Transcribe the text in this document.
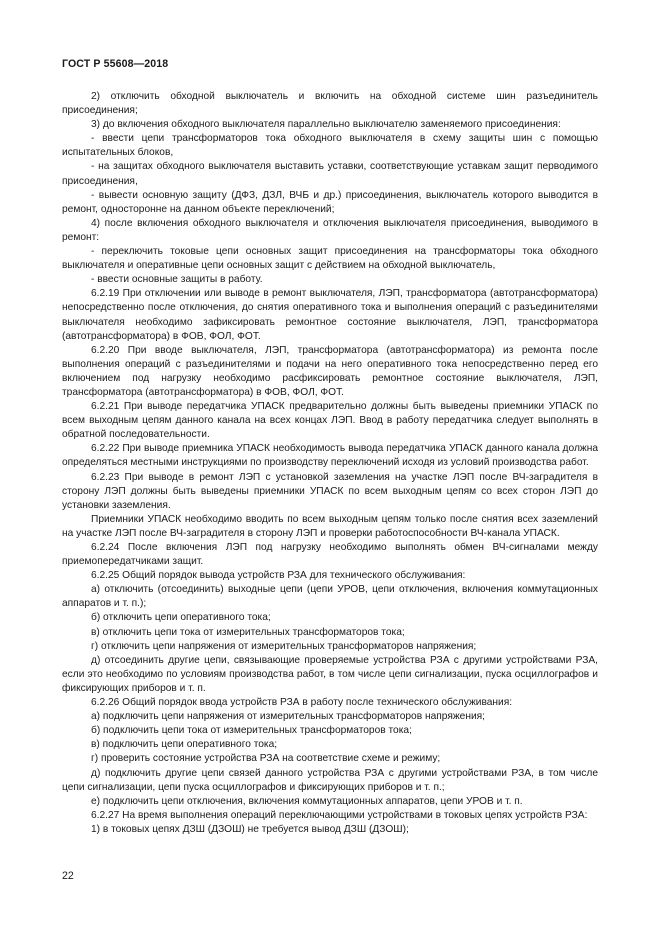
ГОСТ Р 55608—2018

2) отключить обходной выключатель и включить на обходной системе шин разъединитель присоединения;

3) до включения обходного выключателя параллельно выключателю заменяемого присоединения:

- ввести цепи трансформаторов тока обходного выключателя в схему защиты шин с помощью испытательных блоков,

- на защитах обходного выключателя выставить уставки, соответствующие уставкам защит перводимого присоединения,

- вывести основную защиту (ДФЗ, ДЗЛ, ВЧБ и др.) присоединения, выключатель которого выводится в ремонт, одностороннe на данном объекте переключений;

4) после включения обходного выключателя и отключения выключателя присоединения, выводимого в ремонт:

- переключить токовые цепи основных защит присоединения на трансформаторы тока обходного выключателя и оперативные цепи основных защит с действием на обходной выключатель,

- ввести основные защиты в работу.

6.2.19 При отключении или выводе в ремонт выключателя, ЛЭП, трансформатора (автотрансформатора) непосредственно после отключения, до снятия оперативного тока и выполнения операций с разъединителями выключателя необходимо зафиксировать ремонтное состояние выключателя, ЛЭП, трансформатора (автотрансформатора) в ФОВ, ФОЛ, ФОТ.

6.2.20 При вводе выключателя, ЛЭП, трансформатора (автотрансформатора) из ремонта после выполнения операций с разъединителями и подачи на него оперативного тока непосредственно перед его включением под нагрузку необходимо расфиксировать ремонтное состояние выключателя, ЛЭП, трансформатора (автотрансформатора) в ФОВ, ФОЛ, ФОТ.

6.2.21 При выводе передатчика УПАСК предварительно должны быть выведены приемники УПАСК по всем выходным цепям данного канала на всех концах ЛЭП. Ввод в работу передатчика следует выполнять в обратной последовательности.

6.2.22 При выводе приемника УПАСК необходимость вывода передатчика УПАСК данного канала должна определяться местными инструкциями по производству переключений исходя из условий производства работ.

6.2.23 При выводе в ремонт ЛЭП с установкой заземления на участке ЛЭП после ВЧ-заградителя в сторону ЛЭП должны быть выведены приемники УПАСК по всем выходным цепям со всех сторон ЛЭП до установки заземления.

Приемники УПАСК необходимо вводить по всем выходным цепям только после снятия всех заземлений на участке ЛЭП после ВЧ-заградителя в сторону ЛЭП и проверки работоспособности ВЧ-канала УПАСК.

6.2.24 После включения ЛЭП под нагрузку необходимо выполнять обмен ВЧ-сигналами между приемопередатчиками защит.

6.2.25 Общий порядок вывода устройств РЗА для технического обслуживания:

а) отключить (отсоединить) выходные цепи (цепи УРОВ, цепи отключения, включения коммутационных аппаратов и т. п.);

б) отключить цепи оперативного тока;

в) отключить цепи тока от измерительных трансформаторов тока;

г) отключить цепи напряжения от измерительных трансформаторов напряжения;

д) отсоединить другие цепи, связывающие проверяемые устройства РЗА с другими устройствами РЗА, если это необходимо по условиям производства работ, в том числе цепи сигнализации, пуска осциллографов и фиксирующих приборов и т. п.

6.2.26 Общий порядок ввода устройств РЗА в работу после технического обслуживания:

а) подключить цепи напряжения от измерительных трансформаторов напряжения;

б) подключить цепи тока от измерительных трансформаторов тока;

в) подключить цепи оперативного тока;

г) проверить состояние устройства РЗА на соответствие схеме и режиму;

д) подключить другие цепи связей данного устройства РЗА с другими устройствами РЗА, в том числе цепи сигнализации, цепи пуска осциллографов и фиксирующих приборов и т. п.;

е) подключить цепи отключения, включения коммутационных аппаратов, цепи УРОВ и т. п.

6.2.27 На время выполнения операций переключающими устройствами в токовых цепях устройств РЗА:

1) в токовых цепях ДЗШ (ДЗОШ) не требуется вывод ДЗШ (ДЗОШ);

22
